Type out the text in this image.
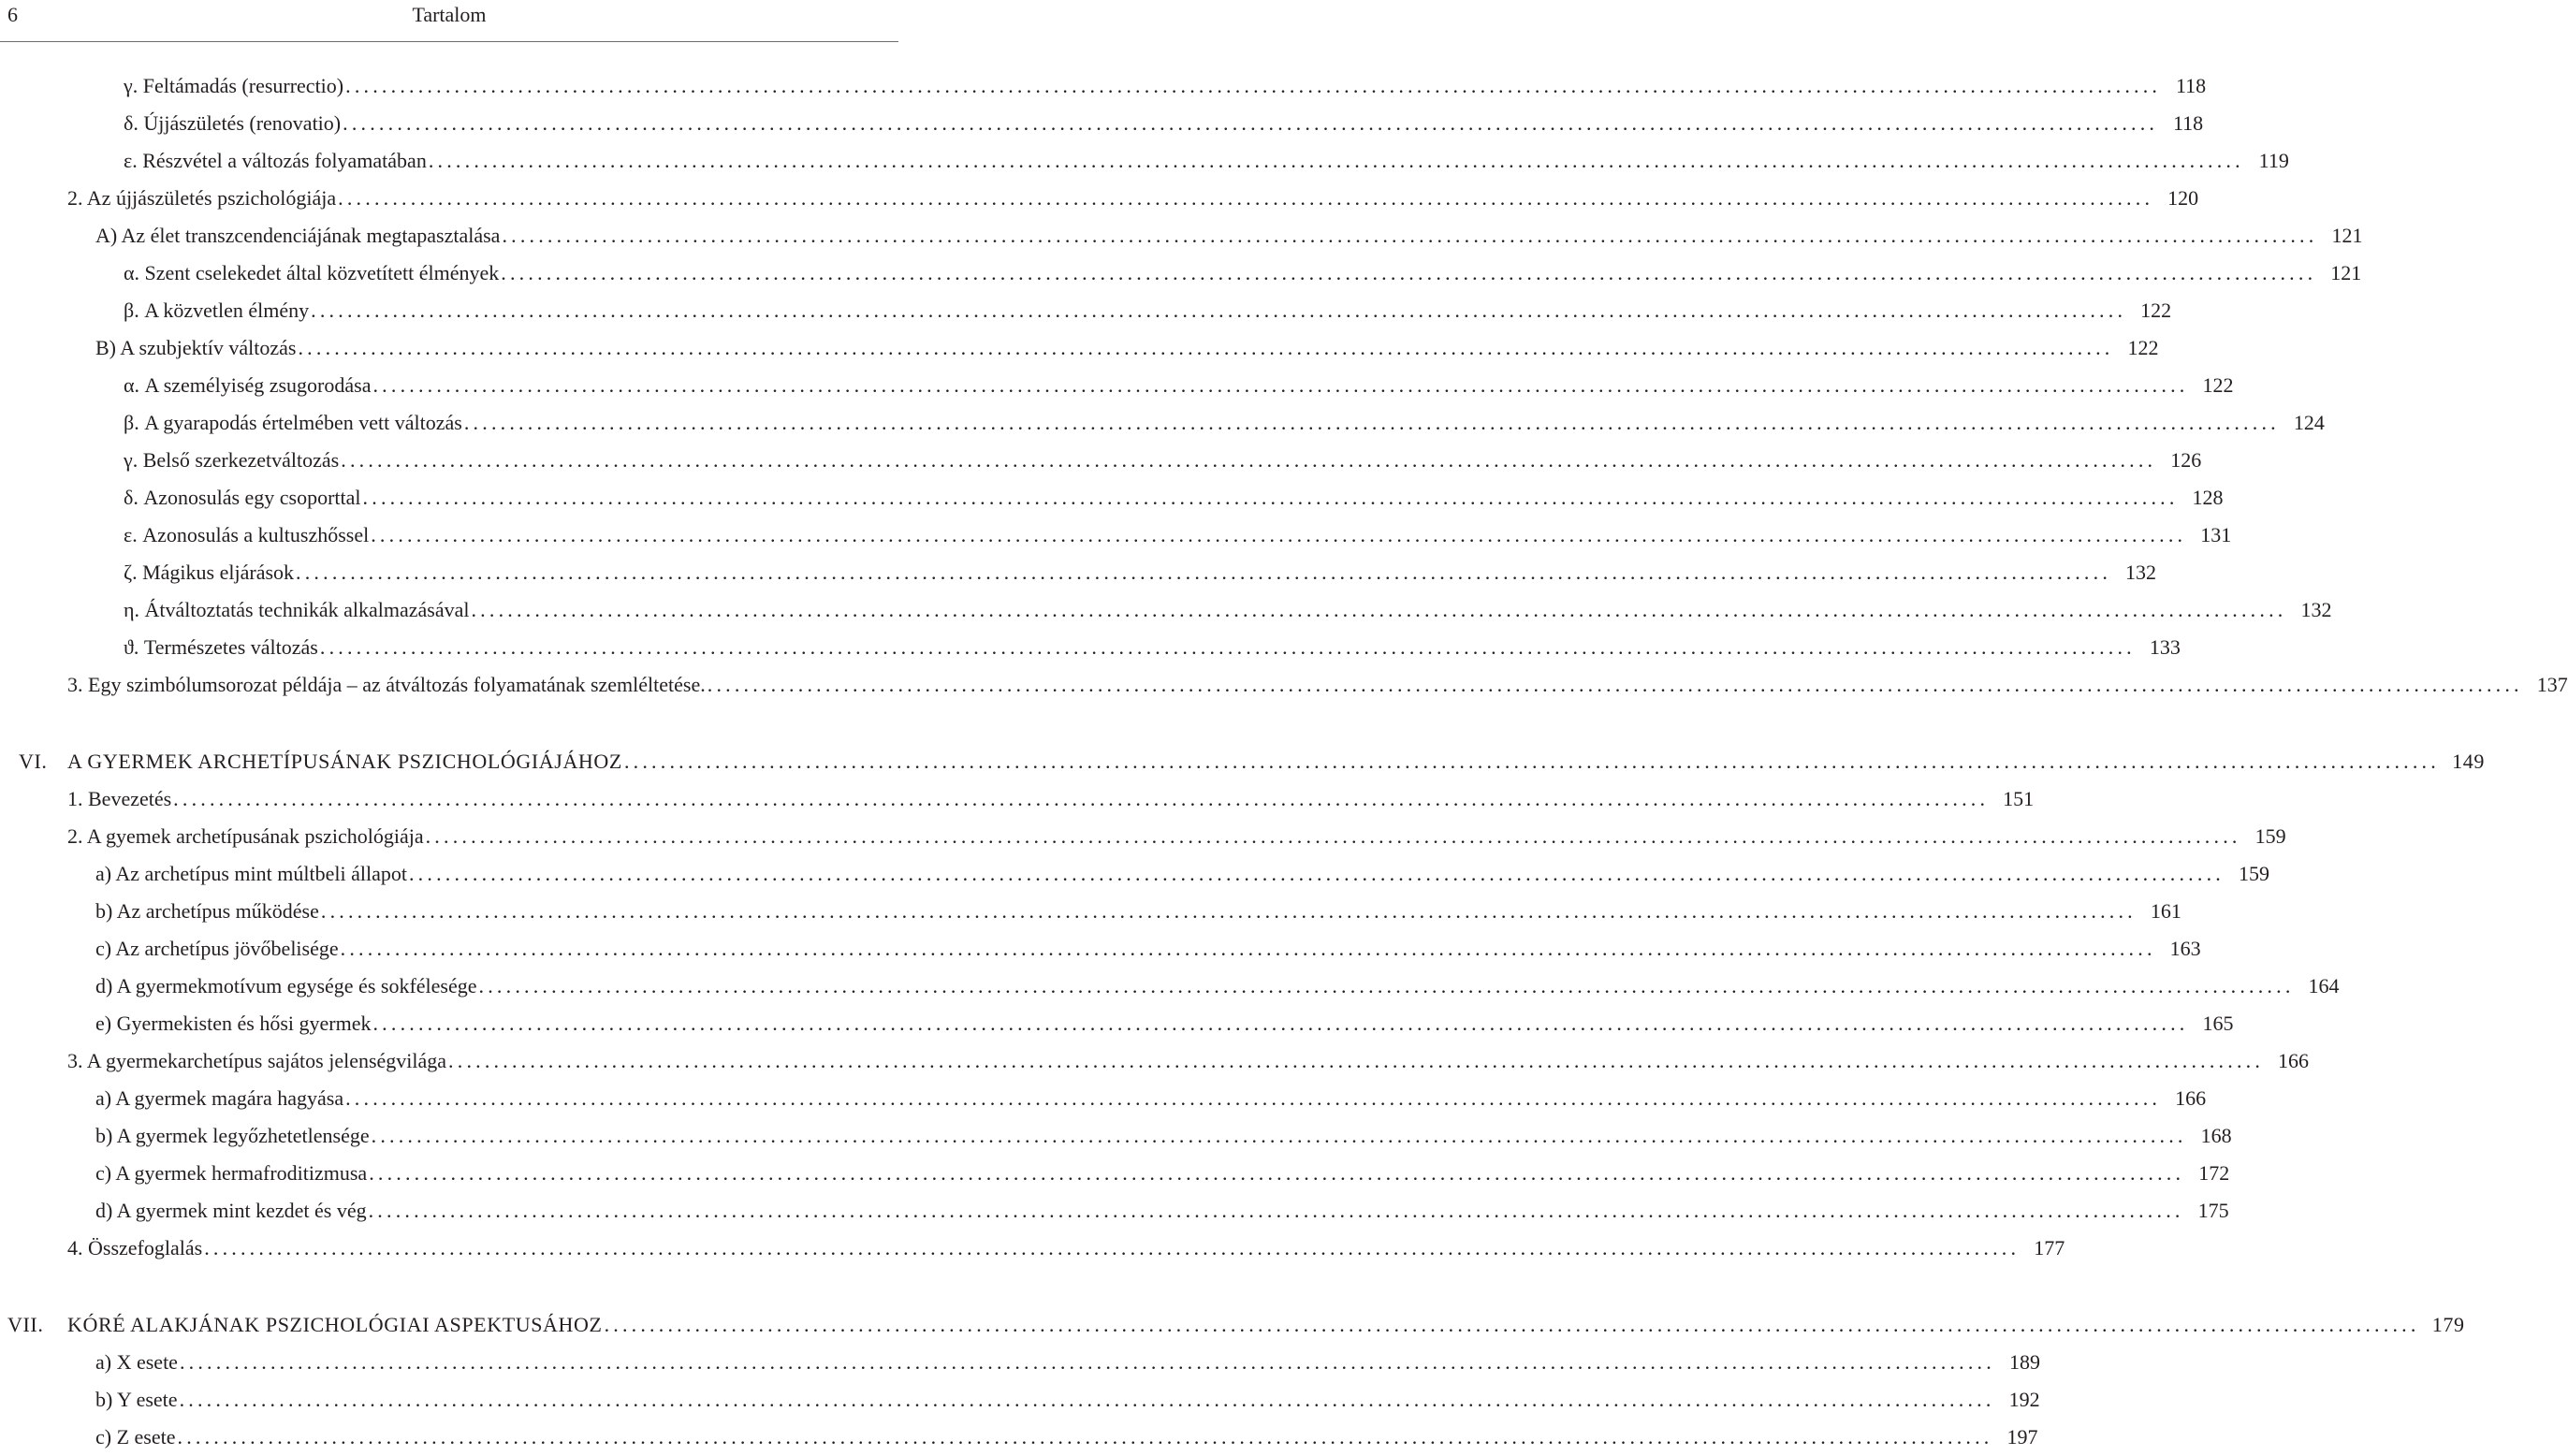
6	Tartalom
γ. Feltámadás (resurrectio) ........................................................................................................................................................................................................ 118
δ. Újjászületés (renovatio) ........................................................................................................................................................................................................ 118
ε. Részvétel a változás folyamatában ........................................................................................................................................................................................................ 119
2. Az újjászületés pszichológiája ........................................................................................................................................................................................................ 120
A) Az élet transzcendenciájának megtapasztalása ........................................................................................................................................................................................................ 121
α. Szent cselekedet által közvetített élmények ........................................................................................................................................................................................................ 121
β. A közvetlen élmény ........................................................................................................................................................................................................ 122
B) A szubjektív változás ........................................................................................................................................................................................................ 122
α. A személyiség zsugorodása ........................................................................................................................................................................................................ 122
β. A gyarapodás értelmében vett változás ........................................................................................................................................................................................................ 124
γ. Belső szerkezetváltozás ........................................................................................................................................................................................................ 126
δ. Azonosulás egy csoporttal ........................................................................................................................................................................................................ 128
ε. Azonosulás a kultuszhőssel ........................................................................................................................................................................................................ 131
ζ. Mágikus eljárások ........................................................................................................................................................................................................ 132
η. Átváltoztatás technikák alkalmazásával ........................................................................................................................................................................................................ 132
ϑ. Természetes változás ........................................................................................................................................................................................................ 133
3. Egy szimbólumsorozat példája – az átváltozás folyamatának szemléltetése. ........................................................................................................................................................................................................ 137
VI. A GYERMEK ARCHETÍPUSÁNAK PSZICHOLÓGIÁJÁHOZ ........................................................................................................................................................................................................ 149
1. Bevezetés ........................................................................................................................................................................................................ 151
2. A gyemek archetípusának pszichológiája ........................................................................................................................................................................................................ 159
a) Az archetípus mint múltbeli állapot ........................................................................................................................................................................................................ 159
b) Az archetípus működése ........................................................................................................................................................................................................ 161
c) Az archetípus jövőbelisége ........................................................................................................................................................................................................ 163
d) A gyermekmotívum egysége és sokfélesége ........................................................................................................................................................................................................ 164
e) Gyermekisten és hősi gyermek ........................................................................................................................................................................................................ 165
3. A gyermekarchetípus sajátos jelenségvilága ........................................................................................................................................................................................................ 166
a) A gyermek magára hagyása ........................................................................................................................................................................................................ 166
b) A gyermek legyőzhetetlensége ........................................................................................................................................................................................................ 168
c) A gyermek hermafroditizmusa ........................................................................................................................................................................................................ 172
d) A gyermek mint kezdet és vég ........................................................................................................................................................................................................ 175
4. Összefoglalás ........................................................................................................................................................................................................ 177
VII. KÓRÉ ALAKJÁNAK PSZICHOLÓGIAI ASPEKTUSÁHOZ ........................................................................................................................................................................................................ 179
a) X esete ........................................................................................................................................................................................................ 189
b) Y esete ........................................................................................................................................................................................................ 192
c) Z esete ........................................................................................................................................................................................................ 197
